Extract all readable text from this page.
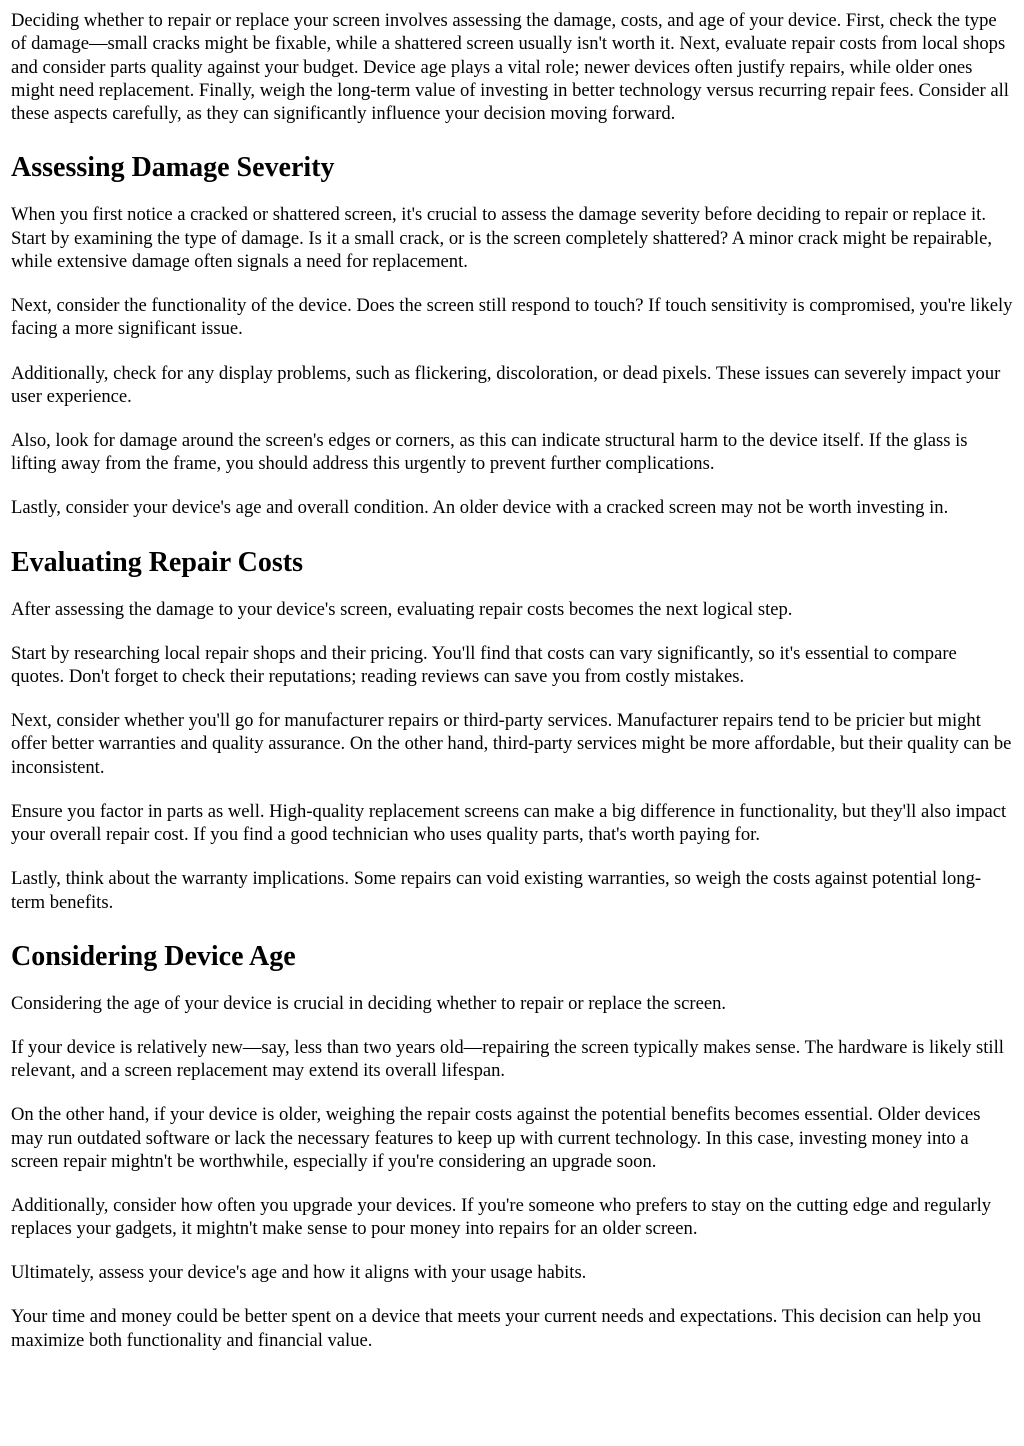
Deciding whether to repair or replace your screen involves assessing the damage, costs, and age of your device. First, check the type of damage—small cracks might be fixable, while a shattered screen usually isn't worth it. Next, evaluate repair costs from local shops and consider parts quality against your budget. Device age plays a vital role; newer devices often justify repairs, while older ones might need replacement. Finally, weigh the long-term value of investing in better technology versus recurring repair fees. Consider all these aspects carefully, as they can significantly influence your decision moving forward.

Assessing Damage Severity

When you first notice a cracked or shattered screen, it's crucial to assess the damage severity before deciding to repair or replace it. Start by examining the type of damage. Is it a small crack, or is the screen completely shattered? A minor crack might be repairable, while extensive damage often signals a need for replacement.

Next, consider the functionality of the device. Does the screen still respond to touch? If touch sensitivity is compromised, you're likely facing a more significant issue.

Additionally, check for any display problems, such as flickering, discoloration, or dead pixels. These issues can severely impact your user experience.

Also, look for damage around the screen's edges or corners, as this can indicate structural harm to the device itself. If the glass is lifting away from the frame, you should address this urgently to prevent further complications.

Lastly, consider your device's age and overall condition. An older device with a cracked screen may not be worth investing in.

Evaluating Repair Costs

After assessing the damage to your device's screen, evaluating repair costs becomes the next logical step.

Start by researching local repair shops and their pricing. You'll find that costs can vary significantly, so it's essential to compare quotes. Don't forget to check their reputations; reading reviews can save you from costly mistakes.

Next, consider whether you'll go for manufacturer repairs or third-party services. Manufacturer repairs tend to be pricier but might offer better warranties and quality assurance. On the other hand, third-party services might be more affordable, but their quality can be inconsistent.

Ensure you factor in parts as well. High-quality replacement screens can make a big difference in functionality, but they'll also impact your overall repair cost. If you find a good technician who uses quality parts, that's worth paying for.

Lastly, think about the warranty implications. Some repairs can void existing warranties, so weigh the costs against potential long-term benefits.

Considering Device Age

Considering the age of your device is crucial in deciding whether to repair or replace the screen.

If your device is relatively new—say, less than two years old—repairing the screen typically makes sense. The hardware is likely still relevant, and a screen replacement may extend its overall lifespan.

On the other hand, if your device is older, weighing the repair costs against the potential benefits becomes essential. Older devices may run outdated software or lack the necessary features to keep up with current technology. In this case, investing money into a screen repair mightn't be worthwhile, especially if you're considering an upgrade soon.

Additionally, consider how often you upgrade your devices. If you're someone who prefers to stay on the cutting edge and regularly replaces your gadgets, it mightn't make sense to pour money into repairs for an older screen.

Ultimately, assess your device's age and how it aligns with your usage habits.

Your time and money could be better spent on a device that meets your current needs and expectations. This decision can help you maximize both functionality and financial value.
